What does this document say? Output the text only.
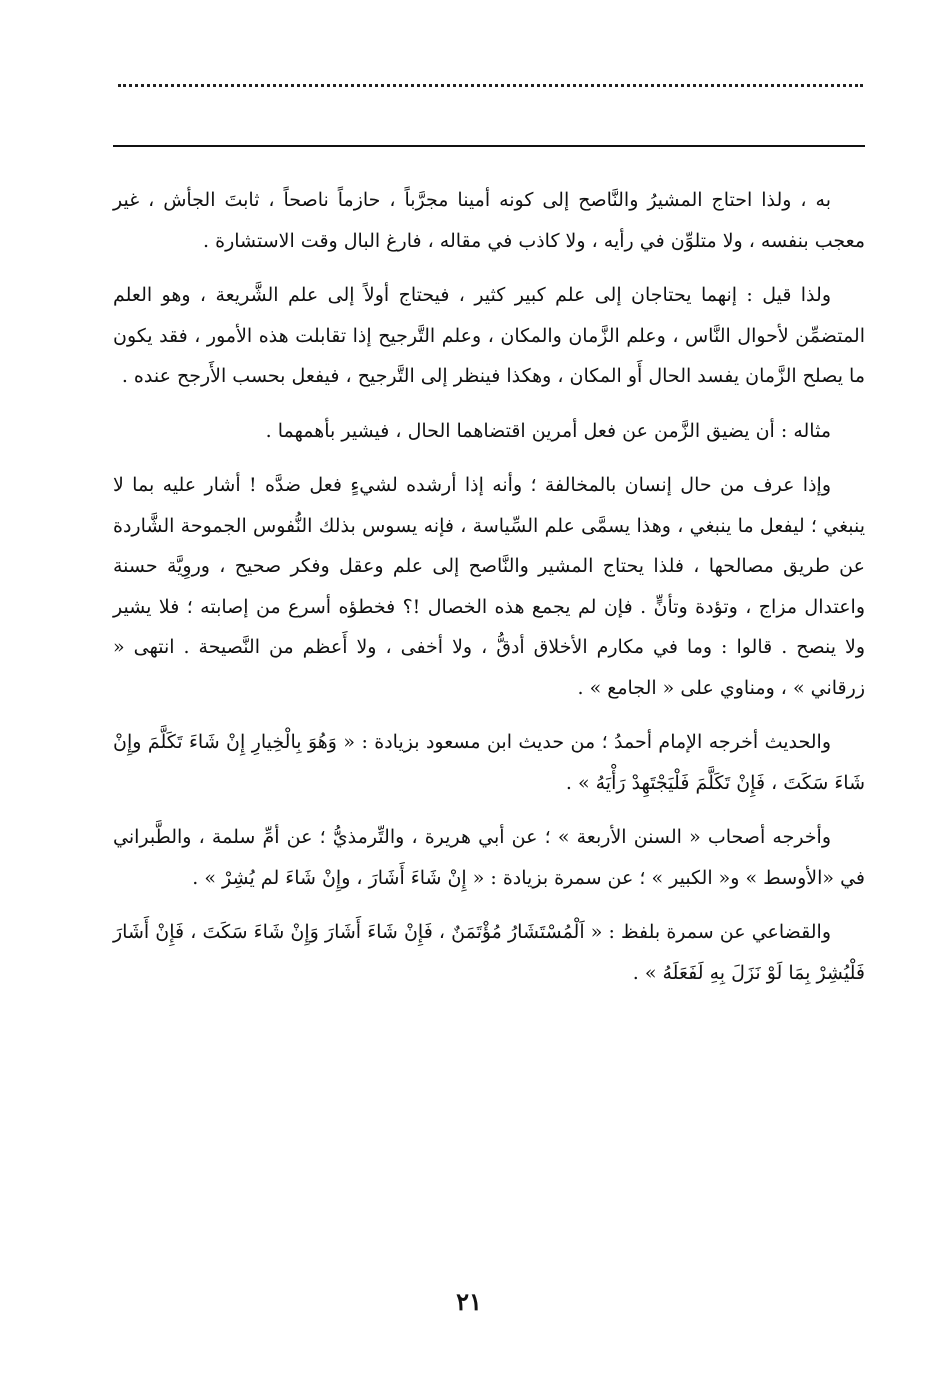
به ، ولذا احتاج المشيرُ والنَّاصح إلى كونه أمينا مجرَّباً ، حازماً ناصحاً ، ثابتَ الجأش ، غير معجب بنفسه ، ولا متلوِّن في رأيه ، ولا كاذب في مقاله ، فارغ البال وقت الاستشارة .

ولذا قيل : إنهما يحتاجان إلى علم كبير كثير ، فيحتاج أولاً إلى علم الشَّريعة ، وهو العلم المتضمِّن لأحوال النَّاس ، وعلم الزَّمان والمكان ، وعلم التَّرجيح إذا تقابلت هذه الأمور ، فقد يكون ما يصلح الزَّمان يفسد الحال أَو المكان ، وهكذا فينظر إلى التَّرجيح ، فيفعل بحسب الأَرجح عنده .

مثاله : أن يضيق الزَّمن عن فعل أمرين اقتضاهما الحال ، فيشير بأهمهما .

وإذا عرف من حال إنسان بالمخالفة ؛ وأنه إذا أرشده لشيءٍ فعل ضدَّه ! أشار عليه بما لا ينبغي ؛ ليفعل ما ينبغي ، وهذا يسمَّى علم السِّياسة ، فإنه يسوس بذلك النُّفوس الجموحة الشَّاردة عن طريق مصالحها ، فلذا يحتاج المشير والنَّاصح إلى علم وعقل وفكر صحيح ، وروِيَّة حسنة واعتدال مزاج ، وتؤدة وتأنٍّ . فإن لم يجمع هذه الخصال !؟ فخطؤه أسرع من إصابته ؛ فلا يشير ولا ينصح . قالوا : وما في مكارم الأخلاق أدقُّ ، ولا أخفى ، ولا أَعظم من النَّصيحة . انتهى « زرقاني » ، ومناوي على « الجامع » .

والحديث أخرجه الإمام أحمدُ ؛ من حديث ابن مسعود بزيادة : « وَهُوَ بِالْخِيارِ إِنْ شَاءَ تَكَلَّمَ وإِنْ شَاءَ سَكَتَ ، فَإِنْ تَكَلَّمَ فَلْيَجْتَهِدْ رَأْيَهُ » .

وأخرجه أصحاب « السنن الأربعة » ؛ عن أبي هريرة ، والتِّرمذيُّ ؛ عن أمِّ سلمة ، والطَّبراني في «الأوسط » و« الكبير » ؛ عن سمرة بزيادة : « إِنْ شَاءَ أَشَارَ ، وإِنْ شَاءَ لم يُشِرْ » .

والقضاعي عن سمرة بلفظ : « اَلْمُسْتَشَارُ مُؤْتَمَنٌ ، فَإِنْ شَاءَ أَشَارَ وَإِنْ شَاءَ سَكَتَ ، فَإِنْ أَشَارَ فَلْيُشِرْ بِمَا لَوْ نَزَلَ بِهِ لَفَعَلَهُ » .

٢١
